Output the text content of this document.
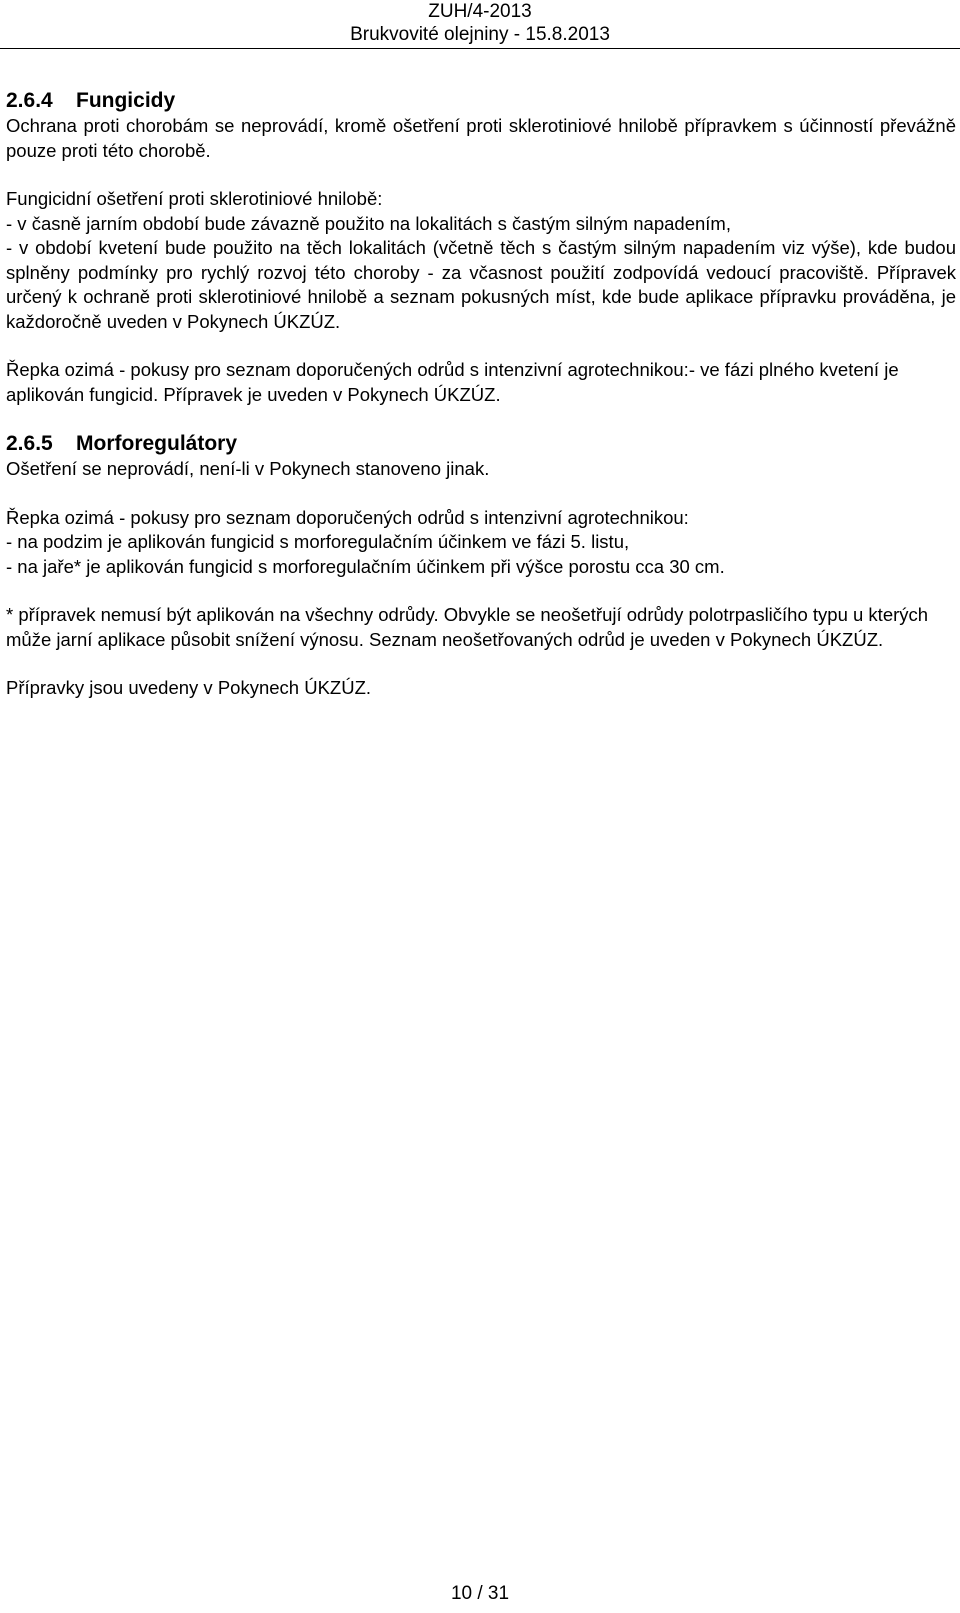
ZUH/4-2013
Brukvovité olejniny - 15.8.2013
2.6.4 Fungicidy

Ochrana proti chorobám se neprovádí, kromě ošetření proti sklerotiniové hnilobě přípravkem s účinností převážně pouze proti této chorobě.

Fungicidní ošetření proti sklerotiniové hnilobě:

- v časně jarním období bude závazně použito na lokalitách s častým silným napadením,

- v období kvetení bude použito na těch lokalitách (včetně těch s častým silným napadením viz výše), kde budou splněny podmínky pro rychlý rozvoj této choroby - za včasnost použití zodpovídá vedoucí pracoviště. Přípravek určený k ochraně proti sklerotiniové hnilobě a seznam pokusných míst, kde bude aplikace přípravku prováděna, je každoročně uveden v Pokynech ÚKZÚZ.

Řepka ozimá - pokusy pro seznam doporučených odrůd s intenzivní agrotechnikou:- ve fázi plného kvetení je aplikován fungicid. Přípravek je uveden v Pokynech ÚKZÚZ.

2.6.5 Morforegulátory

Ošetření se neprovádí, není-li v Pokynech stanoveno jinak.

Řepka ozimá - pokusy pro seznam doporučených odrůd s intenzivní agrotechnikou:

- na podzim je aplikován fungicid s morforegulačním účinkem ve fázi 5. listu,

- na jaře* je aplikován fungicid s morforegulačním účinkem při výšce porostu cca 30 cm.

* přípravek nemusí být aplikován na všechny odrůdy. Obvykle se neošetřují odrůdy polotrpasličího typu u kterých může jarní aplikace působit snížení výnosu. Seznam neošetřovaných odrůd je uveden v Pokynech ÚKZÚZ.

Přípravky jsou uvedeny v Pokynech ÚKZÚZ.

10 / 31
